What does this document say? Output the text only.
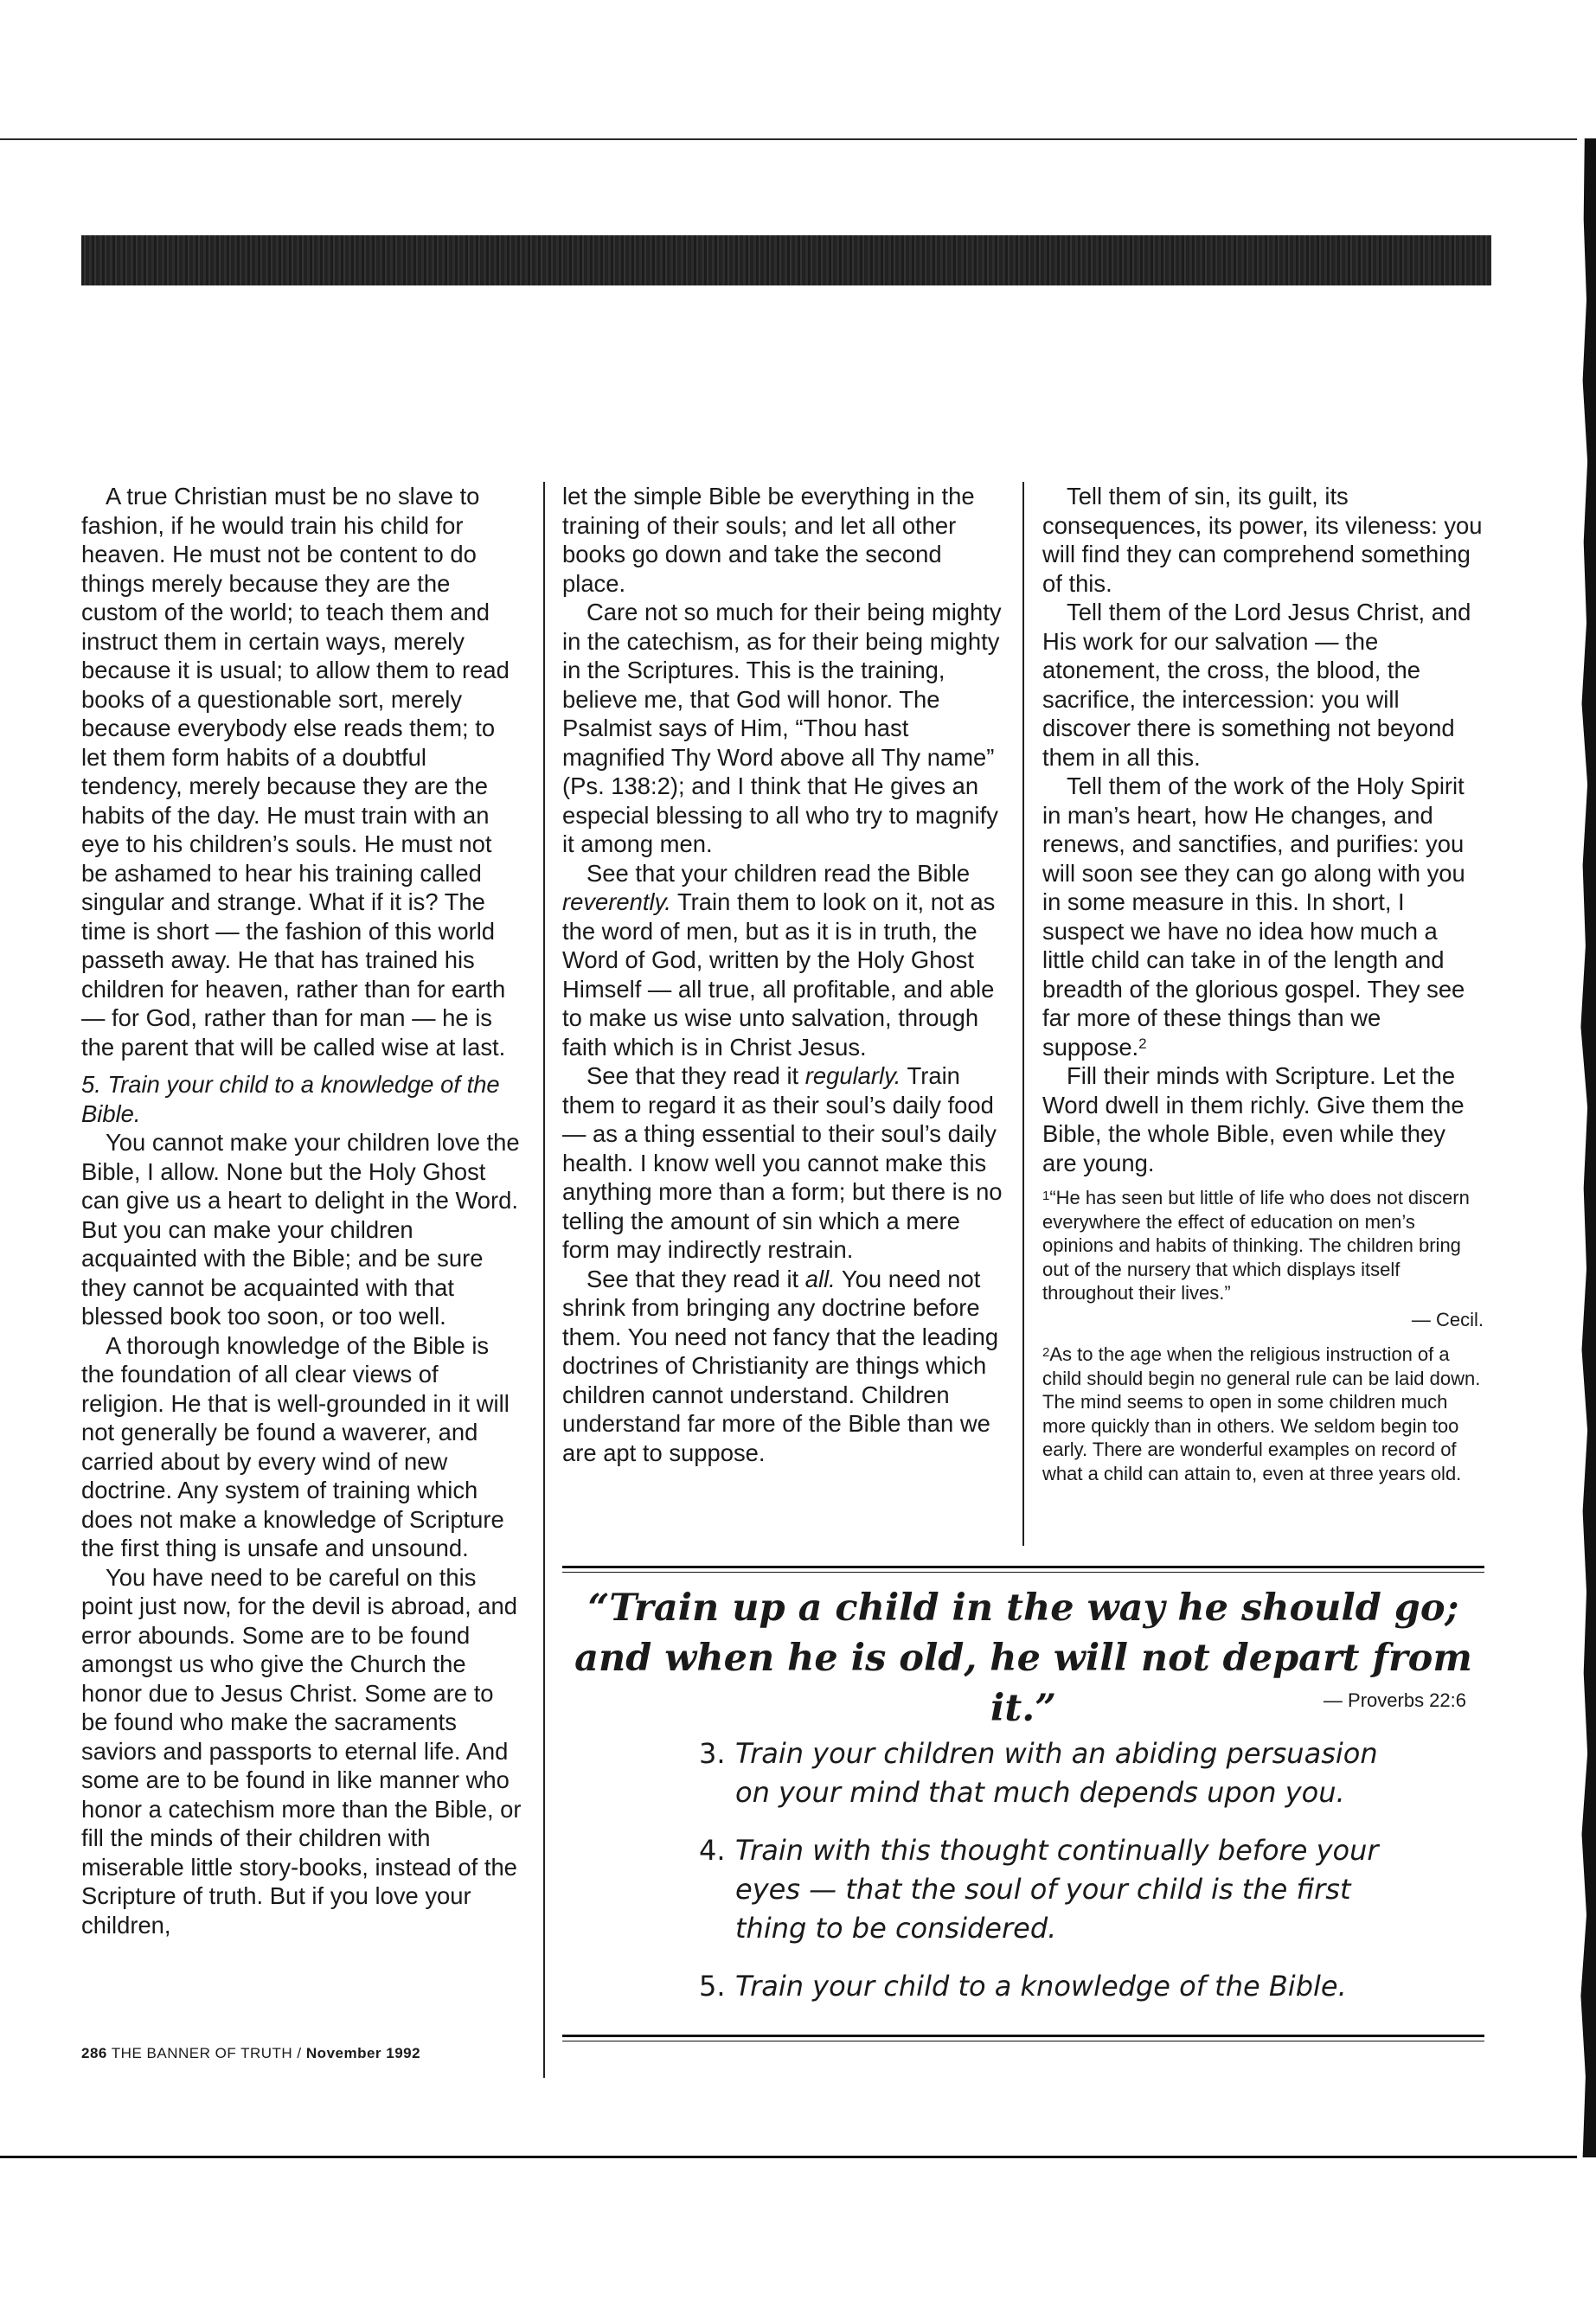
A true Christian must be no slave to fashion, if he would train his child for heaven. He must not be content to do things merely because they are the custom of the world; to teach them and instruct them in certain ways, merely because it is usual; to allow them to read books of a questionable sort, merely because everybody else reads them; to let them form habits of a doubtful tendency, merely because they are the habits of the day. He must train with an eye to his children’s souls. He must not be ashamed to hear his training called singular and strange. What if it is? The time is short — the fashion of this world passeth away. He that has trained his children for heaven, rather than for earth — for God, rather than for man — he is the parent that will be called wise at last.

5. Train your child to a knowledge of the Bible.

You cannot make your children love the Bible, I allow. None but the Holy Ghost can give us a heart to delight in the Word. But you can make your children acquainted with the Bible; and be sure they cannot be acquainted with that blessed book too soon, or too well.

A thorough knowledge of the Bible is the foundation of all clear views of religion. He that is well-grounded in it will not generally be found a waverer, and carried about by every wind of new doctrine. Any system of training which does not make a knowledge of Scripture the first thing is unsafe and unsound.

You have need to be careful on this point just now, for the devil is abroad, and error abounds. Some are to be found amongst us who give the Church the honor due to Jesus Christ. Some are to be found who make the sacraments saviors and passports to eternal life. And some are to be found in like manner who honor a catechism more than the Bible, or fill the minds of their children with miserable little story-books, instead of the Scripture of truth. But if you love your children,

let the simple Bible be everything in the training of their souls; and let all other books go down and take the second place.

Care not so much for their being mighty in the catechism, as for their being mighty in the Scriptures. This is the training, believe me, that God will honor. The Psalmist says of Him, “Thou hast magnified Thy Word above all Thy name” (Ps. 138:2); and I think that He gives an especial blessing to all who try to magnify it among men.

See that your children read the Bible reverently. Train them to look on it, not as the word of men, but as it is in truth, the Word of God, written by the Holy Ghost Himself — all true, all profitable, and able to make us wise unto salvation, through faith which is in Christ Jesus.

See that they read it regularly. Train them to regard it as their soul’s daily food — as a thing essential to their soul’s daily health. I know well you cannot make this anything more than a form; but there is no telling the amount of sin which a mere form may indirectly restrain.

See that they read it all. You need not shrink from bringing any doctrine before them. You need not fancy that the leading doctrines of Christianity are things which children cannot understand. Children understand far more of the Bible than we are apt to suppose.

Tell them of sin, its guilt, its consequences, its power, its vileness: you will find they can comprehend something of this.

Tell them of the Lord Jesus Christ, and His work for our salvation — the atonement, the cross, the blood, the sacrifice, the intercession: you will discover there is something not beyond them in all this.

Tell them of the work of the Holy Spirit in man’s heart, how He changes, and renews, and sanctifies, and purifies: you will soon see they can go along with you in some measure in this. In short, I suspect we have no idea how much a little child can take in of the length and breadth of the glorious gospel. They see far more of these things than we suppose.$^2$

Fill their minds with Scripture. Let the Word dwell in them richly. Give them the Bible, the whole Bible, even while they are young.

$^1$“He has seen but little of life who does not discern everywhere the effect of education on men’s opinions and habits of thinking. The children bring out of the nursery that which displays itself throughout their lives.”

— Cecil.

$^2$As to the age when the religious instruction of a child should begin no general rule can be laid down. The mind seems to open in some children much more quickly than in others. We seldom begin too early. There are wonderful examples on record of what a child can attain to, even at three years old.

“Train up a child in the way he should go; and when he is old, he will not depart from it.”	— Proverbs 22:6
3. Train your children with an abiding persuasion on your mind that much depends upon you.
4. Train with this thought continually before your eyes — that the soul of your child is the first thing to be considered.
5. Train your child to a knowledge of the Bible.
286 THE BANNER OF TRUTH / November 1992
